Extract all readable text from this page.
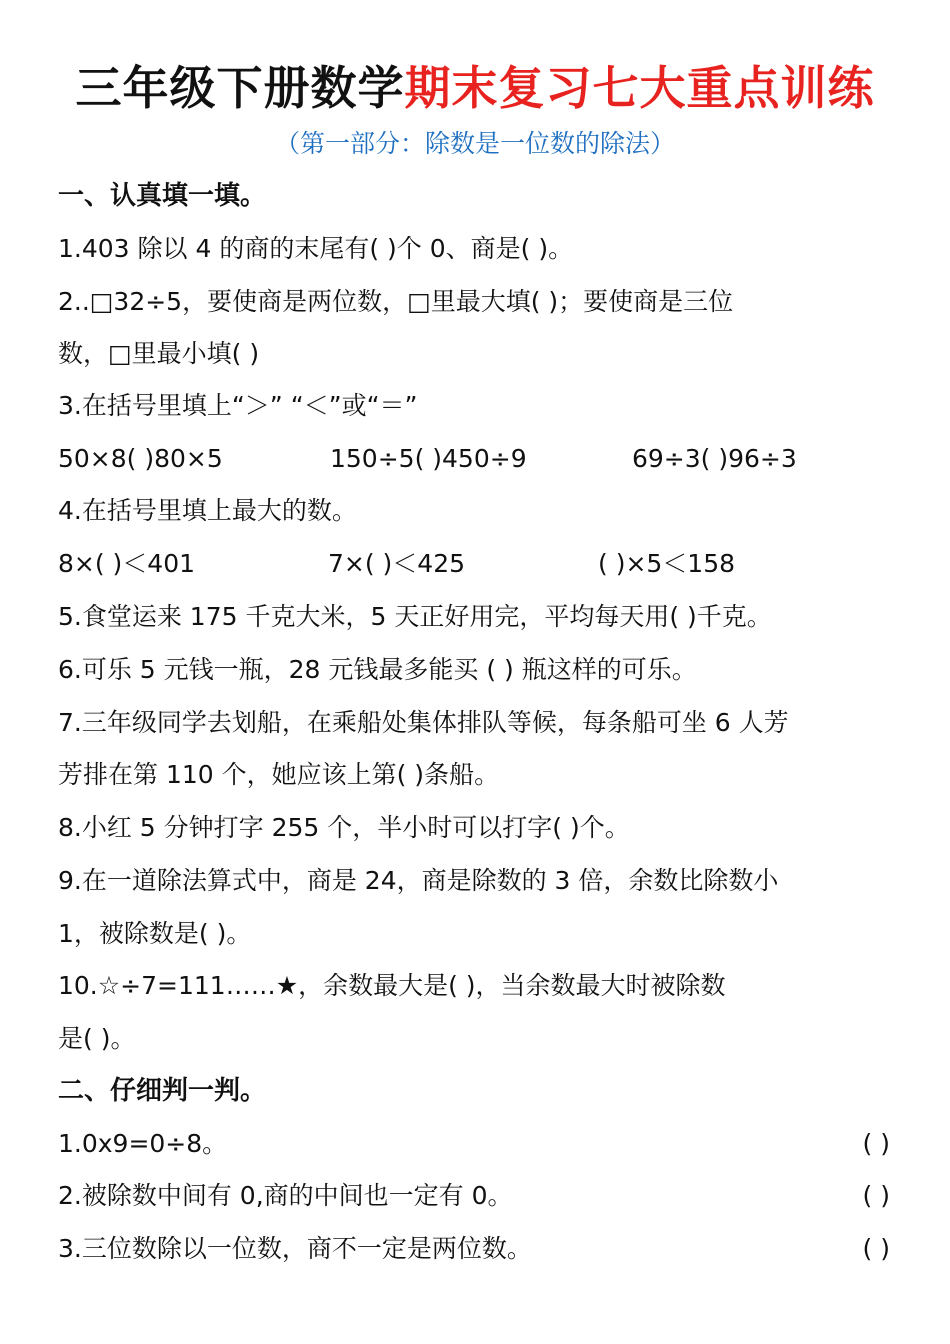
三年级下册数学期末复习七大重点训练
（第一部分：除数是一位数的除法）
一、认真填一填。
1.403 除以 4 的商的末尾有( )个 0、商是( )。
2..□32÷5，要使商是两位数，□里最大填( )；要使商是三位
数，□里最小填( )
3.在括号里填上“＞” “＜”或“＝”
50×8( )80×5	150÷5( )450÷9	69÷3( )96÷3
4.在括号里填上最大的数。
8×( )＜401	7×( )＜425	( )×5＜158
5.食堂运来 175 千克大米，5 天正好用完，平均每天用( )千克。
6.可乐 5 元钱一瓶，28 元钱最多能买 ( ) 瓶这样的可乐。
7.三年级同学去划船，在乘船处集体排队等候，每条船可坐 6 人芳
芳排在第 110 个，她应该上第( )条船。
8.小红 5 分钟打字 255 个，半小时可以打字( )个。
9.在一道除法算式中，商是 24，商是除数的 3 倍，余数比除数小
1，被除数是( )。
10.☆÷7=111……★，余数最大是( )，当余数最大时被除数
是( )。
二、仔细判一判。
1.0x9=0÷8。	( )
2.被除数中间有 0,商的中间也一定有 0。	( )
3.三位数除以一位数，商不一定是两位数。	( )
